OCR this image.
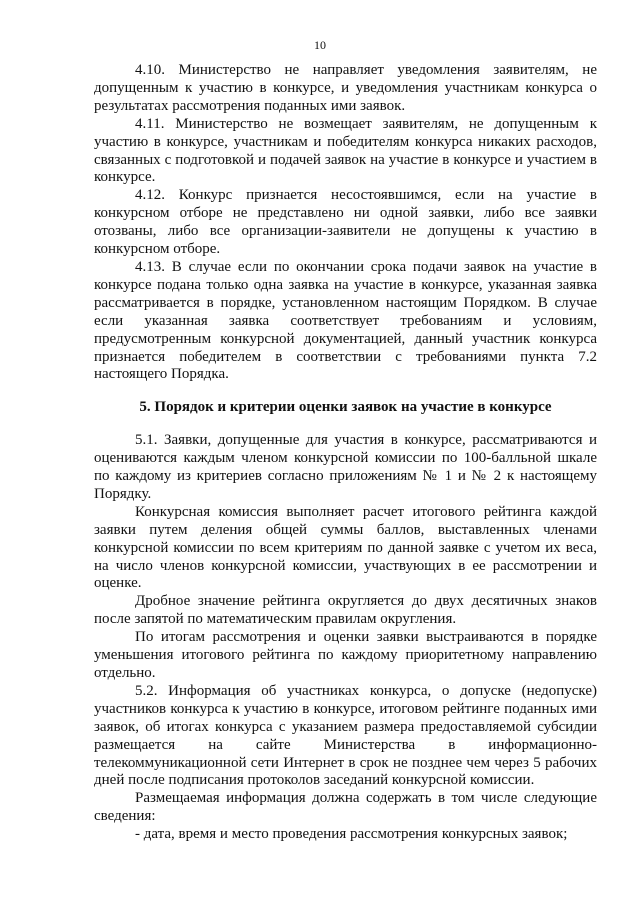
10

4.10. Министерство не направляет уведомления заявителям, не допущенным к участию в конкурсе, и уведомления участникам конкурса о результатах рассмотрения поданных ими заявок.

4.11. Министерство не возмещает заявителям, не допущенным к участию в конкурсе, участникам и победителям конкурса никаких расходов, связанных с подготовкой и подачей заявок на участие в конкурсе и участием в конкурсе.

4.12. Конкурс признается несостоявшимся, если на участие в конкурсном отборе не представлено ни одной заявки, либо все заявки отозваны, либо все организации-заявители не допущены к участию в конкурсном отборе.

4.13. В случае если по окончании срока подачи заявок на участие в конкурсе подана только одна заявка на участие в конкурсе, указанная заявка рассматривается в порядке, установленном настоящим Порядком. В случае если указанная заявка соответствует требованиям и условиям, предусмотренным конкурсной документацией, данный участник конкурса признается победителем в соответствии с требованиями пункта 7.2 настоящего Порядка.

5. Порядок и критерии оценки заявок на участие в конкурсе

5.1. Заявки, допущенные для участия в конкурсе, рассматриваются и оцениваются каждым членом конкурсной комиссии по 100-балльной шкале по каждому из критериев согласно приложениям № 1 и № 2 к настоящему Порядку.

Конкурсная комиссия выполняет расчет итогового рейтинга каждой заявки путем деления общей суммы баллов, выставленных членами конкурсной комиссии по всем критериям по данной заявке с учетом их веса, на число членов конкурсной комиссии, участвующих в ее рассмотрении и оценке.

Дробное значение рейтинга округляется до двух десятичных знаков после запятой по математическим правилам округления.

По итогам рассмотрения и оценки заявки выстраиваются в порядке уменьшения итогового рейтинга по каждому приоритетному направлению отдельно.

5.2. Информация об участниках конкурса, о допуске (недопуске) участников конкурса к участию в конкурсе, итоговом рейтинге поданных ими заявок, об итогах конкурса с указанием размера предоставляемой субсидии размещается на сайте Министерства в информационно-телекоммуникационной сети Интернет в срок не позднее чем через 5 рабочих дней после подписания протоколов заседаний конкурсной комиссии.

Размещаемая информация должна содержать в том числе следующие сведения:

- дата, время и место проведения рассмотрения конкурсных заявок;
